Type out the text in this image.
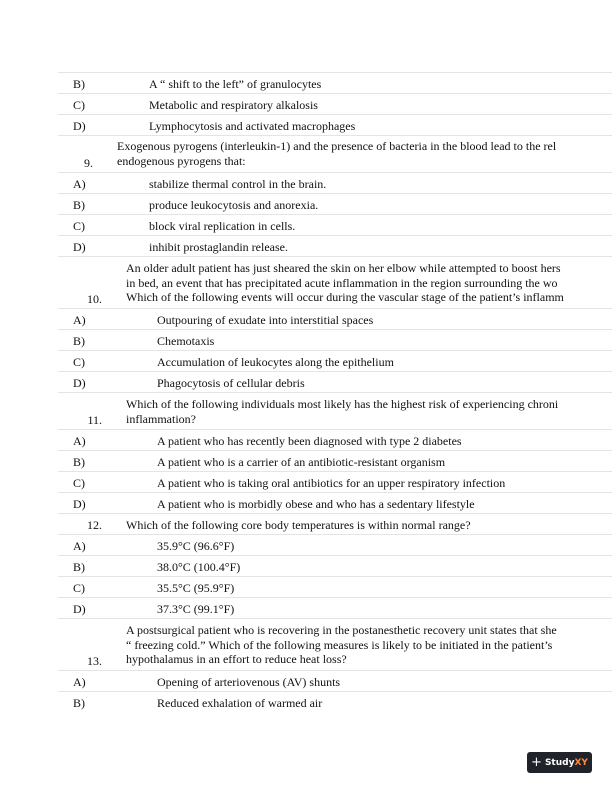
B)	A “ shift to the left” of granulocytes
C)	Metabolic and respiratory alkalosis
D)	Lymphocytosis and activated macrophages
9.
Exogenous pyrogens (interleukin-1) and the presence of bacteria in the blood lead to the rel
endogenous pyrogens that:
A)	stabilize thermal control in the brain.
B)	produce leukocytosis and anorexia.
C)	block viral replication in cells.
D)	inhibit prostaglandin release.
10.
An older adult patient has just sheared the skin on her elbow while attempted to boost hers
in bed, an event that has precipitated acute inflammation in the region surrounding the wo
Which of the following events will occur during the vascular stage of the patient’s inflamm
A)	Outpouring of exudate into interstitial spaces
B)	Chemotaxis
C)	Accumulation of leukocytes along the epithelium
D)	Phagocytosis of cellular debris
11.
Which of the following individuals most likely has the highest risk of experiencing chroni
inflammation?
A)	A patient who has recently been diagnosed with type 2 diabetes
B)	A patient who is a carrier of an antibiotic-resistant organism
C)	A patient who is taking oral antibiotics for an upper respiratory infection
D)	A patient who is morbidly obese and who has a sedentary lifestyle
12. Which of the following core body temperatures is within normal range?
A)	35.9°C (96.6°F)
B)	38.0°C (100.4°F)
C)	35.5°C (95.9°F)
D)	37.3°C (99.1°F)
13.
A postsurgical patient who is recovering in the postanesthetic recovery unit states that she
“ freezing cold.” Which of the following measures is likely to be initiated in the patient’s
hypothalamus in an effort to reduce heat loss?
A)	Opening of arteriovenous (AV) shunts
B)	Reduced exhalation of warmed air
+ StudyXY
